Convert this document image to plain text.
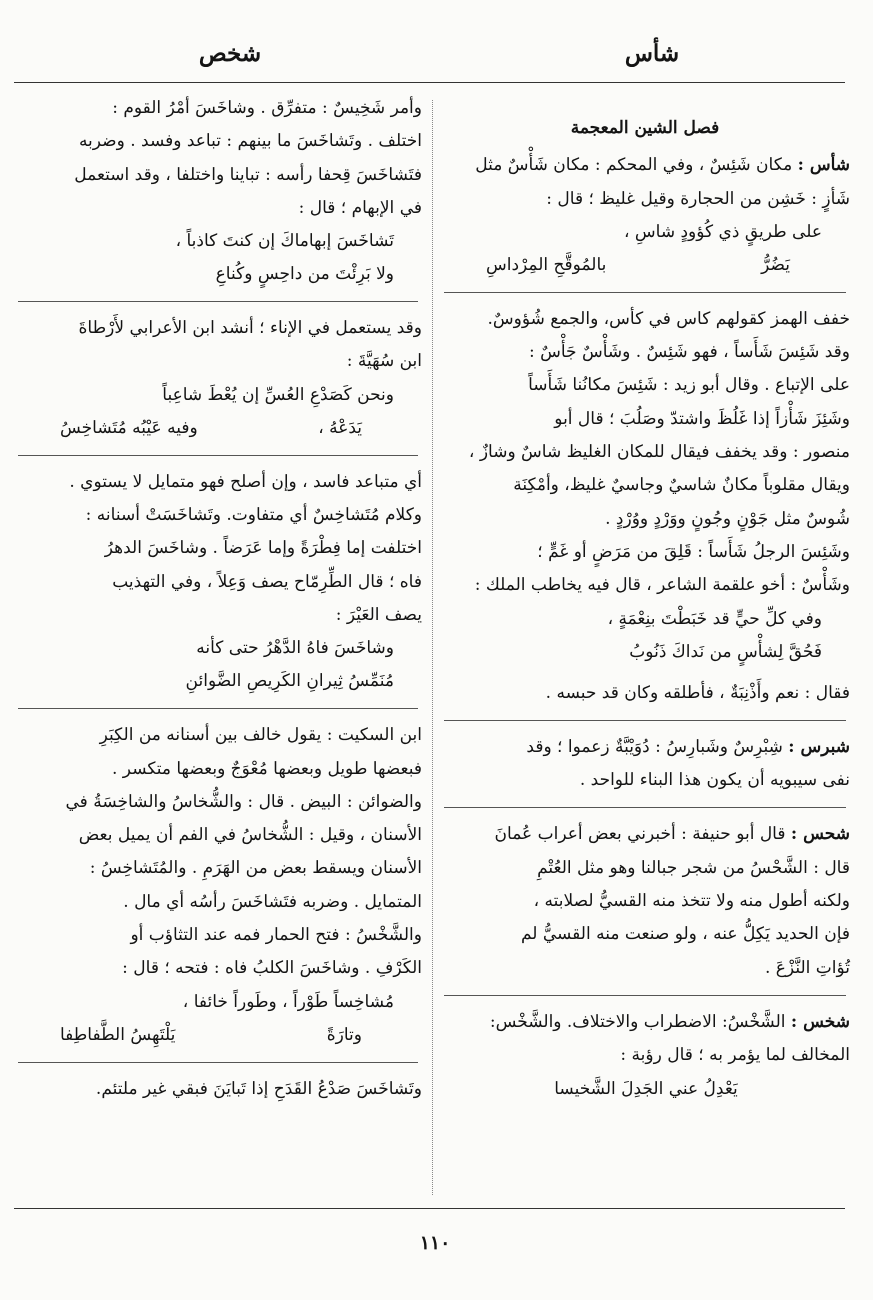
شأس
شخص
فصل الشين المعجمة

شأس : مكان شَئِسٌ ، وفي المحكم : مكان شَأْسٌ مثل

شَأزٍ : خَشِن من الحجارة وقيل غليظ ؛ قال :

على طريقٍ ذي كُؤودٍ شاسِ ،
يَضُرُّ
بالمُوقَّحِ المِرْداسِ

خفف الهمز كقولهم كاس في كأس، والجمع شُؤوسٌ.

وقد شَئِسَ شَأَساً ، فهو شَئِسٌ . وشَأْسٌ جَأْسٌ :

على الإتباع . وقال أبو زيد : شَئِسَ مكانُنا شَأَساً

وشَئِزَ شَأْزاً إذا غَلُظَ واشتدّ وصَلُبَ ؛ قال أبو

منصور : وقد يخفف فيقال للمكان الغليظ شاسٌ وشازٌ ،

ويقال مقلوباً مكانٌ شاسيٌ وجاسيٌ غليظ، وأمْكِنَة

شُوسٌ مثل جَوْنٍ وجُونٍ ووَرْدٍ ووُرْدٍ .

وشَئِسَ الرجلُ شَأَساً : قَلِقَ من مَرَضٍ أو غَمٍّ ؛

وشَأْسٌ : أخو علقمة الشاعر ، قال فيه يخاطب الملك :

وفي كلِّ حيٍّ قد خَبَطْتَ بنِعْمَةٍ ،
فَحُقَّ لِشأْسٍ من نَداكَ ذَنُوبُ

فقال : نعم وأَذْنِبَةٌ ، فأطلقه وكان قد حبسه .

شبرس : شِبْرِسٌ وشَبارِسُ : دُوَيْبَّةٌ زعموا ؛ وقد

نفى سيبويه أن يكون هذا البناء للواحد .

شحس : قال أبو حنيفة : أخبرني بعض أعراب عُمانَ

قال : الشَّحْسُ من شجر جبالنا وهو مثل العُتْمِ

ولكنه أطول منه ولا تتخذ منه القسيُّ لصلابته ،

فإن الحديد يَكِلُّ عنه ، ولو صنعت منه القسيُّ لم

تُؤاتِ النَّزْعَ .

شخس : الشَّخْسُ: الاضطراب والاختلاف. والشَّخْس:

المخالف لما يؤمر به ؛ قال رؤبة :

يَعْدِلُ عني الجَدِلَ الشَّخيسا

وأمر شَخِيسٌ : متفرِّق . وشاخَسَ أمْرُ القوم :

اختلف . وتَشاخَسَ ما بينهم : تباعد وفسد . وضربه

فتَشاخَسَ قِحفا رأسه : تباينا واختلفا ، وقد استعمل

في الإبهام ؛ قال :

تَشاخَسَ إبهاماكَ إن كنتَ كاذباً ،
ولا بَرِئْتَ من داحِسٍ وكُناعِ

وقد يستعمل في الإناء ؛ أنشد ابن الأعرابي لأَرْطاةَ

ابن سُهَيَّةَ :

ونحن كَصَدْعِ العُسِّ إن يُعْطَ شاعِباً
يَدَعْهُ ،
وفيه عَيْبُه مُتَشاخِسُ

أي متباعد فاسد ، وإن أصلح فهو متمايل لا يستوي .

وكلام مُتَشاخِسٌ أي متفاوت. وتَشاخَسَتْ أسنانه :

اختلفت إما فِطْرَةً وإما عَرَضاً . وشاخَسَ الدهرُ

فاه ؛ قال الطِّرِمّاح يصف وَعِلاً ، وفي التهذيب

يصف العَيْرَ :

وشاخَسَ فاهُ الدَّهْرُ حتى كأنه
مُنَمِّسُ ثِيرانِ الكَرِيصِ الضَّوائنِ

ابن السكيت : يقول خالف بين أسنانه من الكِبَرِ

فبعضها طويل وبعضها مُعْوَجٌ وبعضها متكسر .

والضوائن : البيض . قال : والشُّخاسُ والشاخِسَةُ في

الأسنان ، وقيل : الشُّخاسُ في الفم أن يميل بعض

الأسنان ويسقط بعض من الهَرَمِ . والمُتَشاخِسُ :

المتمايل . وضربه فتَشاخَسَ رأسُه أي مال .

والشَّخْسُ : فتح الحمار فمه عند التثاؤب أو

الكَرْفِ . وشاخَسَ الكلبُ فاه : فتحه ؛ قال :

مُشاخِساً طَوْراً ، وطَوراً خائفا ،
وتارَةً
يَلْتَهِسُ الطَّفاطِفا

وتَشاخَسَ صَدْعُ القَدَحِ إذا تَبايَنَ فبقي غير ملتئم.

١١٠
